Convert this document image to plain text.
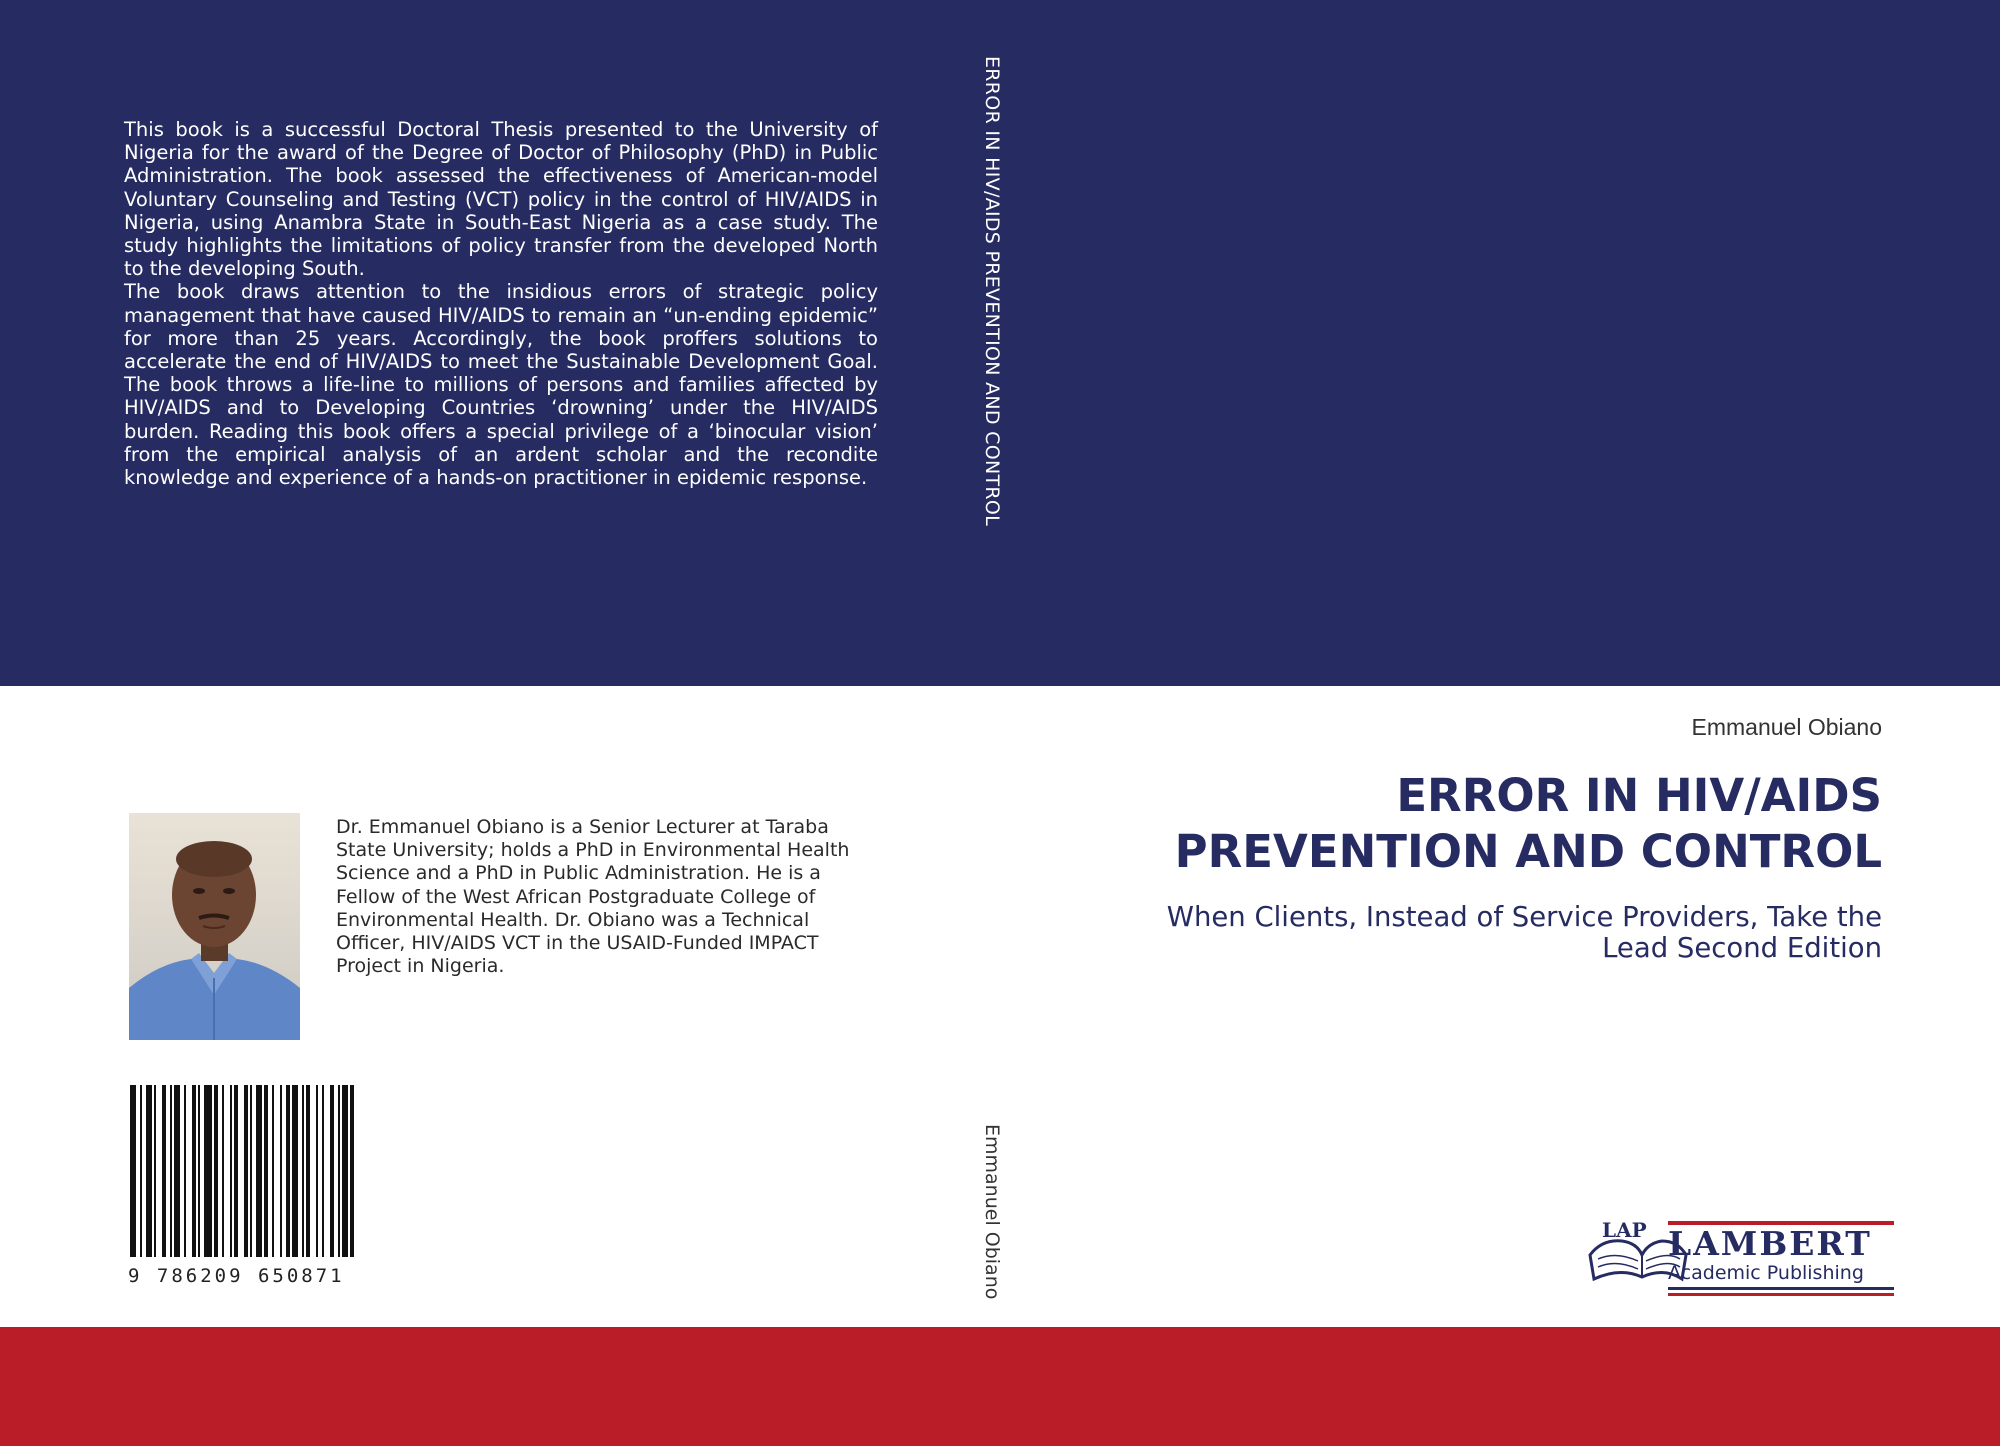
This book is a successful Doctoral Thesis presented to the University of Nigeria for the award of the Degree of Doctor of Philosophy (PhD) in Public Administration. The book assessed the effectiveness of American-model Voluntary Counseling and Testing (VCT) policy in the control of HIV/AIDS in Nigeria, using Anambra State in South-East Nigeria as a case study. The study highlights the limitations of policy transfer from the developed North to the developing South.

The book draws attention to the insidious errors of strategic policy management that have caused HIV/AIDS to remain an “un-ending epidemic” for more than 25 years. Accordingly, the book proffers solutions to accelerate the end of HIV/AIDS to meet the Sustainable Development Goal. The book throws a life-line to millions of persons and families affected by HIV/AIDS and to Developing Countries ‘drowning’ under the HIV/AIDS burden. Reading this book offers a special privilege of a ‘binocular vision’ from the empirical analysis of an ardent scholar and the recondite knowledge and experience of a hands-on practitioner in epidemic response.	ERROR IN HIV/AIDS PREVENTION AND CONTROL
Emmanuel Obiano
Emmanuel Obiano
ERROR IN HIV/AIDS
PREVENTION AND CONTROL
When Clients, Instead of Service Providers, Take the
Lead Second Edition
Dr. Emmanuel Obiano is a Senior Lecturer at Taraba State University; holds a PhD in Environmental Health Science and a PhD in Public Administration. He is a Fellow of the West African Postgraduate College of Environmental Health. Dr. Obiano was a Technical Officer, HIV/AIDS VCT in the USAID-Funded IMPACT Project in Nigeria.
9 786209 650871
LAP LAMBERT
Academic Publishing
